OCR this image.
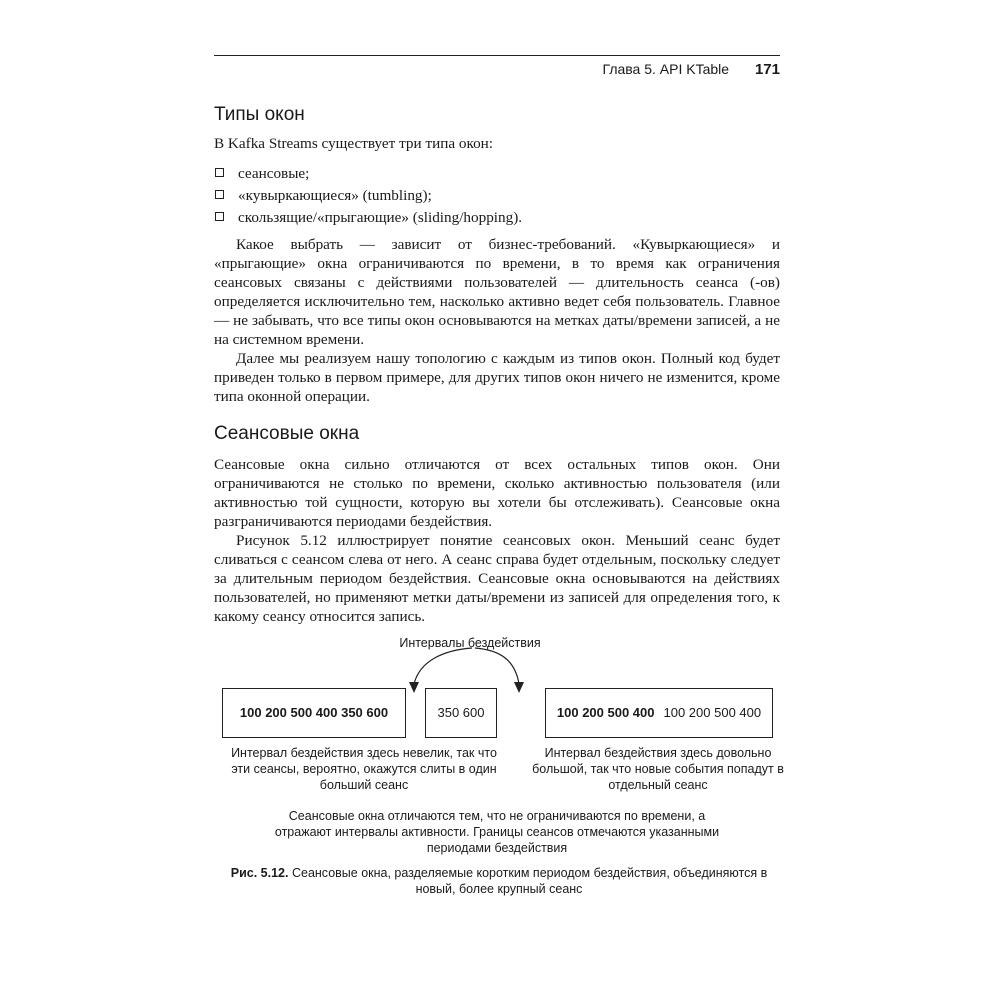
Глава 5. API KTable 171
Типы окон

В Kafka Streams существует три типа окон:

сеансовые;
«кувыркающиеся» (tumbling);
скользящие/«прыгающие» (sliding/hopping).

Какое выбрать — зависит от бизнес-требований. «Кувыркающиеся» и «прыгающие» окна ограничиваются по времени, в то время как ограничения сеансовых связаны с действиями пользователей — длительность сеанса (-ов) определяется исключительно тем, насколько активно ведет себя пользователь. Главное — не забывать, что все типы окон основываются на метках даты/времени записей, а не на системном времени.

Далее мы реализуем нашу топологию с каждым из типов окон. Полный код будет приведен только в первом примере, для других типов окон ничего не изменится, кроме типа оконной операции.

Сеансовые окна

Сеансовые окна сильно отличаются от всех остальных типов окон. Они ограничиваются не столько по времени, сколько активностью пользователя (или активностью той сущности, которую вы хотели бы отслеживать). Сеансовые окна разграничиваются периодами бездействия.

Рисунок 5.12 иллюстрирует понятие сеансовых окон. Меньший сеанс будет сливаться с сеансом слева от него. А сеанс справа будет отдельным, поскольку следует за длительным периодом бездействия. Сеансовые окна основываются на действиях пользователей, но применяют метки даты/времени из записей для определения того, к какому сеансу относится запись.

Интервалы бездействия
100 200 500 400 350 600	350 600	100 200 500 400 100 200 500 400
Интервал бездействия здесь невелик, так что эти сеансы, вероятно, окажутся слиты в один больший сеанс
Интервал бездействия здесь довольно большой, так что новые события попадут в отдельный сеанс
Сеансовые окна отличаются тем, что не ограничиваются по времени, а отражают интервалы активности. Границы сеансов отмечаются указанными периодами бездействия
Рис. 5.12. Сеансовые окна, разделяемые коротким периодом бездействия, объединяются в новый, более крупный сеанс
